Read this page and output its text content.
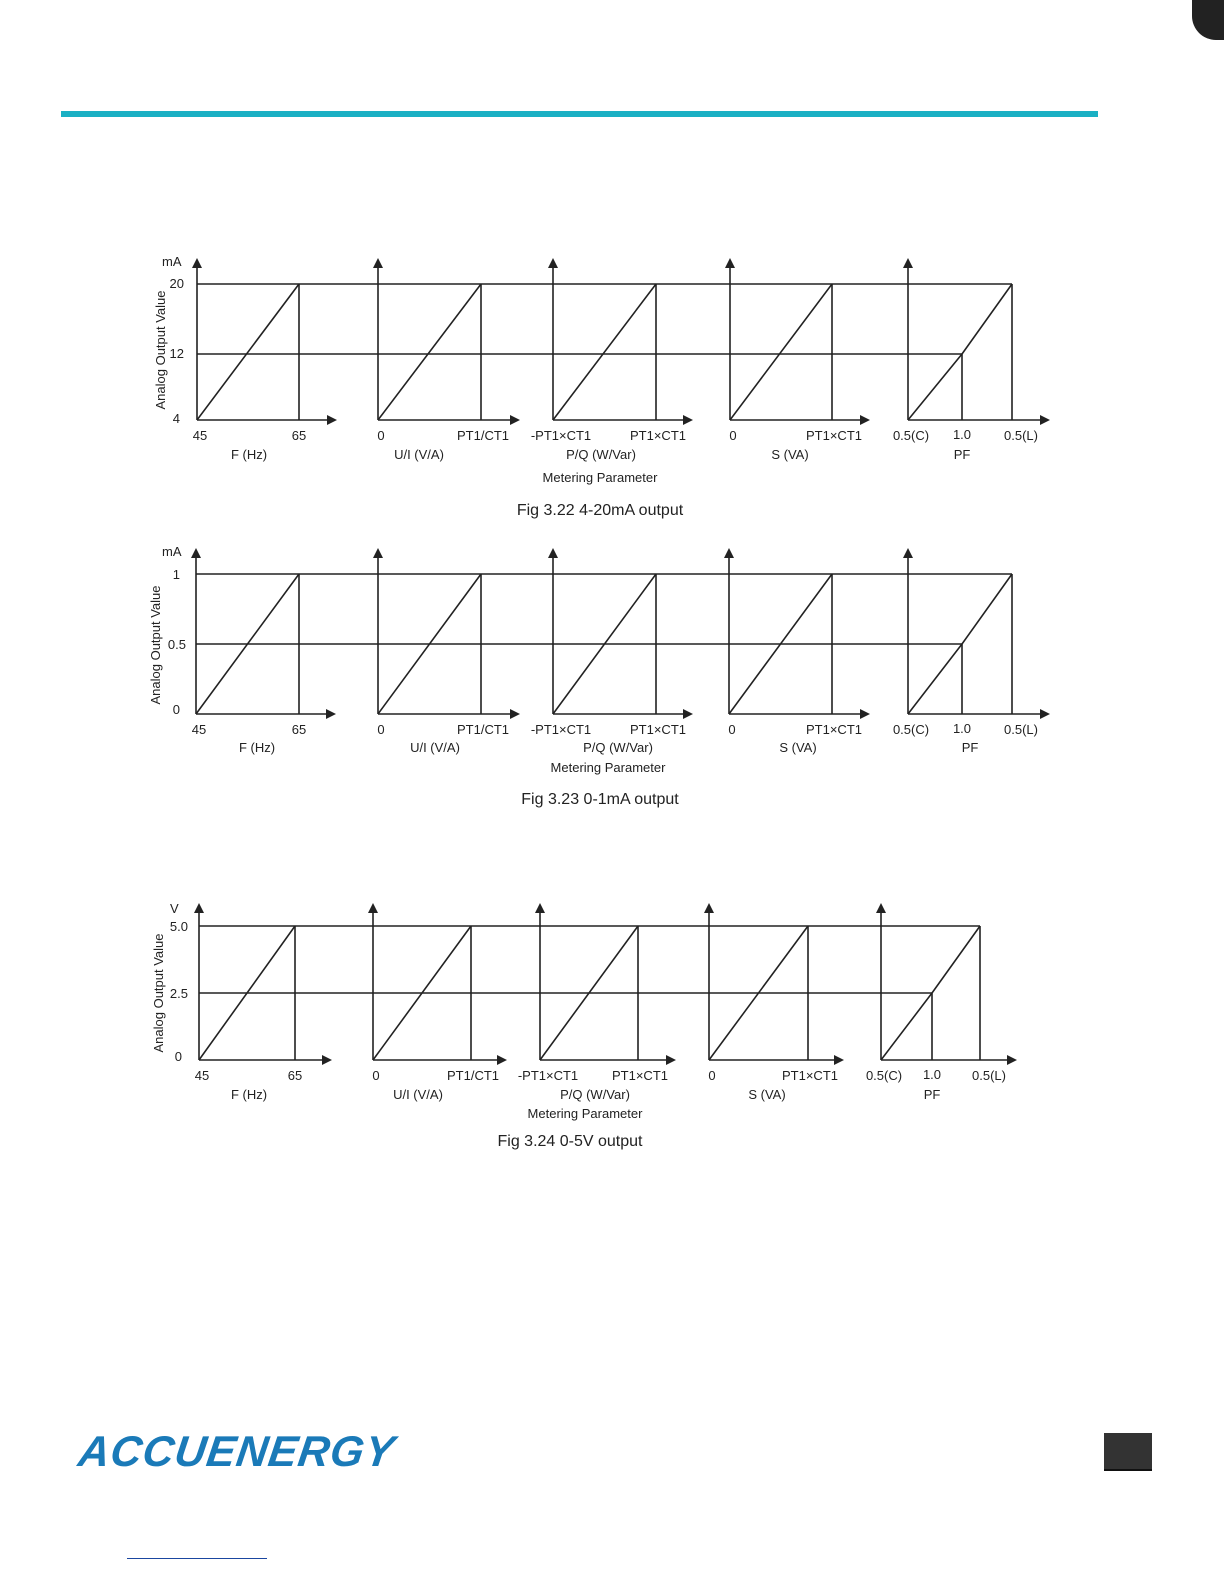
mA
Analog Output Value
20
12
4
Metering Parameter
45	65
F (Hz)
0	PT1/CT1
U/I (V/A)
-PT1×CT1	PT1×CT1
P/Q (W/Var)
0	PT1×CT1
S (VA)
0.5(C) 1.0	0.5(L)
PF
Fig 3.22 4-20mA output
mA
Analog Output Value
1
0.5
0
Metering Parameter
45	65
F (Hz)
0	PT1/CT1
U/I (V/A)
-PT1×CT1	PT1×CT1
P/Q (W/Var)
0	PT1×CT1
S (VA)
0.5(C) 1.0	0.5(L)
PF
Fig 3.23 0-1mA output
V
Analog Output Value
5.0
2.5
0
Metering Parameter
45	65
F (Hz)
0	PT1/CT1
U/I (V/A)
-PT1×CT1	PT1×CT1
P/Q (W/Var)
0	PT1×CT1
S (VA)
0.5(C) 1.0 0.5(L)
PF
Fig 3.24 0-5V output
ACCUENERGY
